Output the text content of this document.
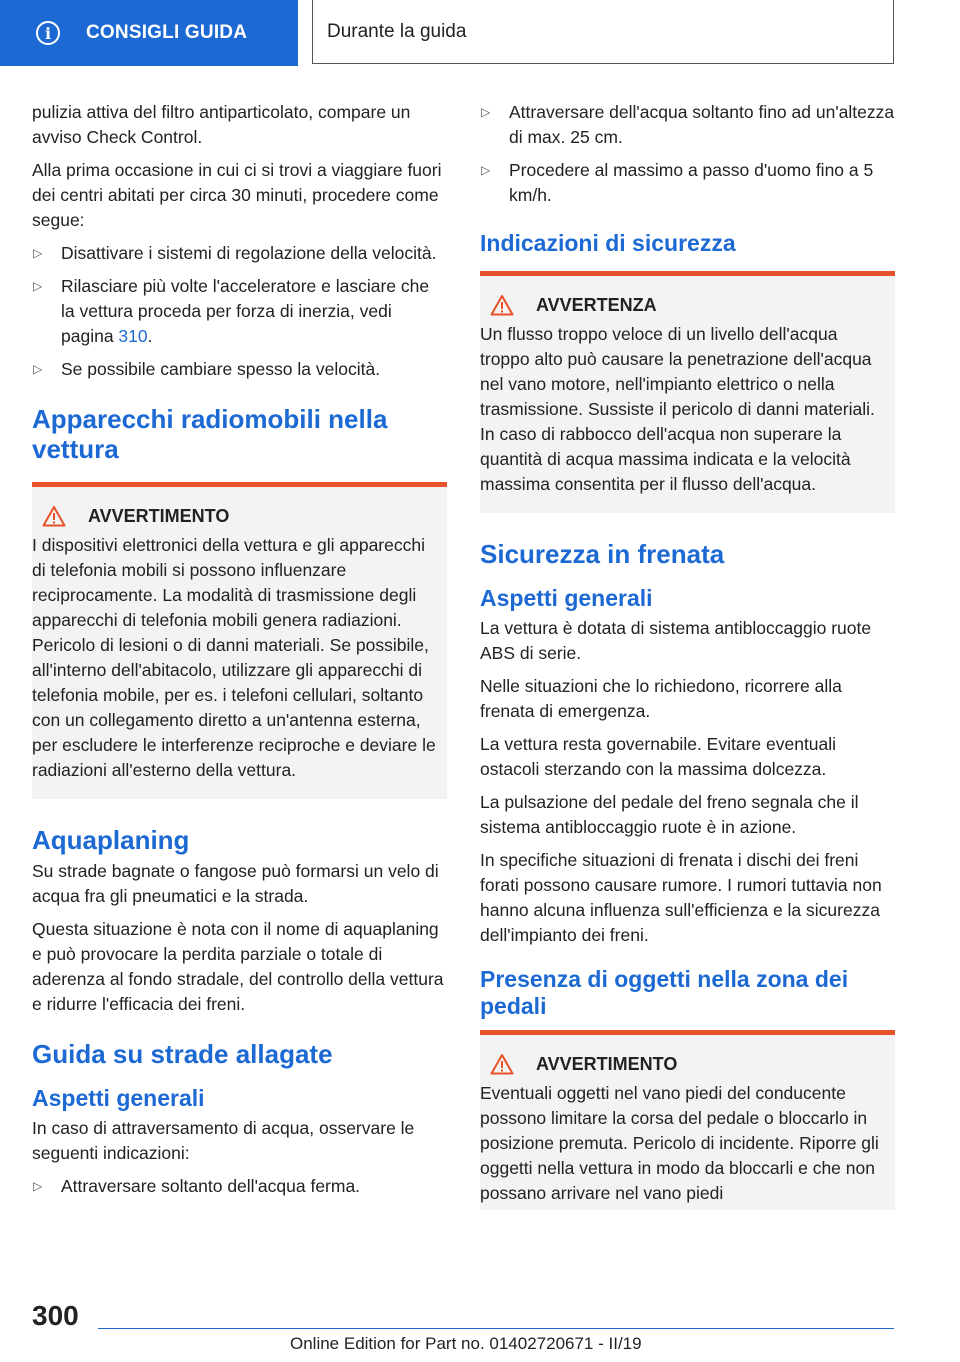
i	CONSIGLI GUIDA	Durante la guida

pulizia attiva del filtro antiparticolato, compare un avviso Check Control.

Alla prima occasione in cui ci si trovi a viaggiare fuori dei centri abitati per circa 30 minuti, procedere come segue:

▷ Disattivare i sistemi di regolazione della velocità.
▷ Rilasciare più volte l'acceleratore e lasciare che la vettura proceda per forza di inerzia, vedi pagina 310.
▷ Se possibile cambiare spesso la velocità.
Apparecchi radiomobili nella vettura
AVVERTIMENTO

I dispositivi elettronici della vettura e gli apparecchi di telefonia mobili si possono influenzare reciprocamente. La modalità di trasmissione degli apparecchi di telefonia mobili genera radiazioni. Pericolo di lesioni o di danni materiali. Se possibile, all'interno dell'abitacolo, utilizzare gli apparecchi di telefonia mobile, per es. i telefoni cellulari, soltanto con un collegamento diretto a un'antenna esterna, per escludere le interferenze reciproche e deviare le radiazioni all'esterno della vettura.

Aquaplaning

Su strade bagnate o fangose può formarsi un velo di acqua fra gli pneumatici e la strada.

Questa situazione è nota con il nome di aquaplaning e può provocare la perdita parziale o totale di aderenza al fondo stradale, del controllo della vettura e ridurre l'efficacia dei freni.

Guida su strade allagate
Aspetti generali

In caso di attraversamento di acqua, osservare le seguenti indicazioni:

▷ Attraversare soltanto dell'acqua ferma.
▷ Attraversare dell'acqua soltanto fino ad un'altezza di max. 25 cm.
▷ Procedere al massimo a passo d'uomo fino a 5 km/h.
Indicazioni di sicurezza
AVVERTENZA

Un flusso troppo veloce di un livello dell'acqua troppo alto può causare la penetrazione dell'acqua nel vano motore, nell'impianto elettrico o nella trasmissione. Sussiste il pericolo di danni materiali. In caso di rabbocco dell'acqua non superare la quantità di acqua massima indicata e la velocità massima consentita per il flusso dell'acqua.

Sicurezza in frenata
Aspetti generali

La vettura è dotata di sistema antibloccaggio ruote ABS di serie.

Nelle situazioni che lo richiedono, ricorrere alla frenata di emergenza.

La vettura resta governabile. Evitare eventuali ostacoli sterzando con la massima dolcezza.

La pulsazione del pedale del freno segnala che il sistema antibloccaggio ruote è in azione.

In specifiche situazioni di frenata i dischi dei freni forati possono causare rumore. I rumori tuttavia non hanno alcuna influenza sull'efficienza e la sicurezza dell'impianto dei freni.

Presenza di oggetti nella zona dei pedali
AVVERTIMENTO

Eventuali oggetti nel vano piedi del conducente possono limitare la corsa del pedale o bloccarlo in posizione premuta. Pericolo di incidente. Riporre gli oggetti nella vettura in modo da bloccarli e che non possano arrivare nel vano piedi

300
Online Edition for Part no. 01402720671 - II/19
